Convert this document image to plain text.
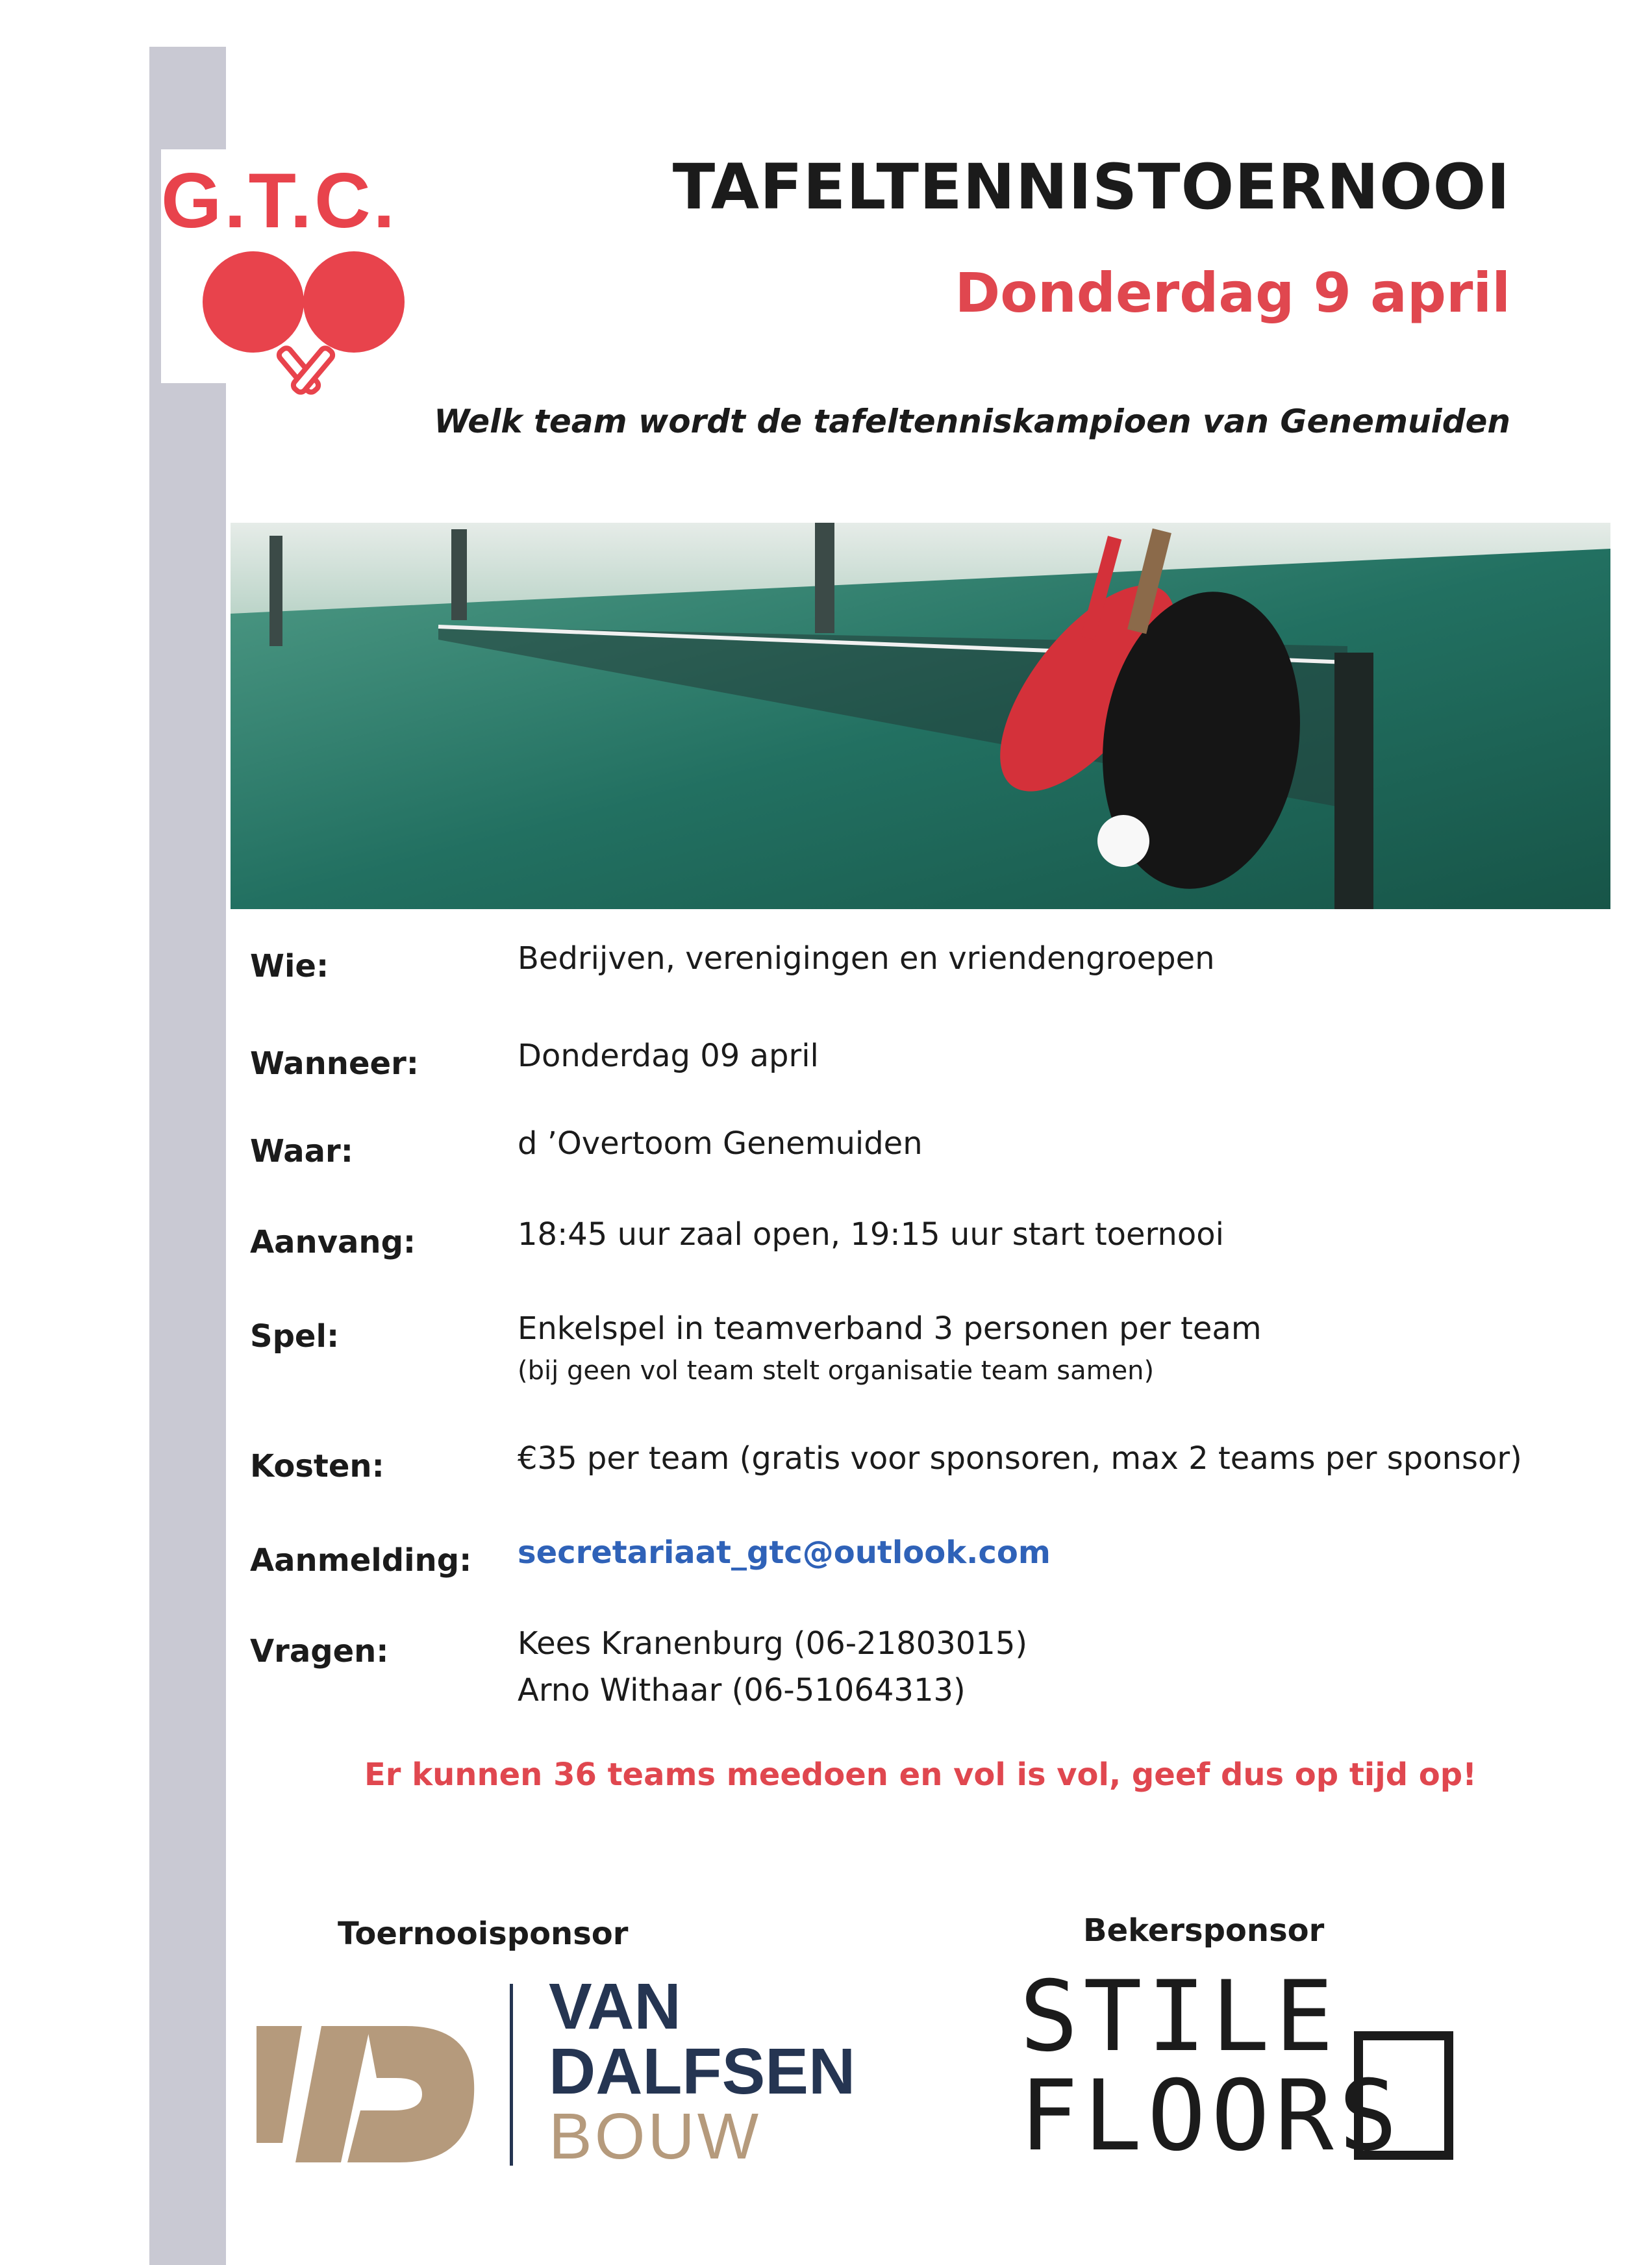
G.T.C.	TAFELTENNISTOERNOOI
Donderdag 9 april
Welk team wordt de tafeltenniskampioen van Genemuiden
Wie:	Bedrijven, verenigingen en vriendengroepen
Wanneer:	Donderdag 09 april
Waar:	d ’Overtoom Genemuiden
Aanvang:	18:45 uur zaal open, 19:15 uur start toernooi
Spel:	Enkelspel in teamverband 3 personen per team
(bij geen vol team stelt organisatie team samen)
Kosten:	€35 per team (gratis voor sponsoren, max 2 teams per sponsor)
Aanmelding: secretariaat_gtc@outlook.com
Vragen:	Kees Kranenburg (06-21803015)
Arno Withaar (06-51064313)
Er kunnen 36 teams meedoen en vol is vol, geef dus op tijd op!
Toernooisponsor	Bekersponsor
VAN
DALFSEN
BOUW
STILE
FLOORS
